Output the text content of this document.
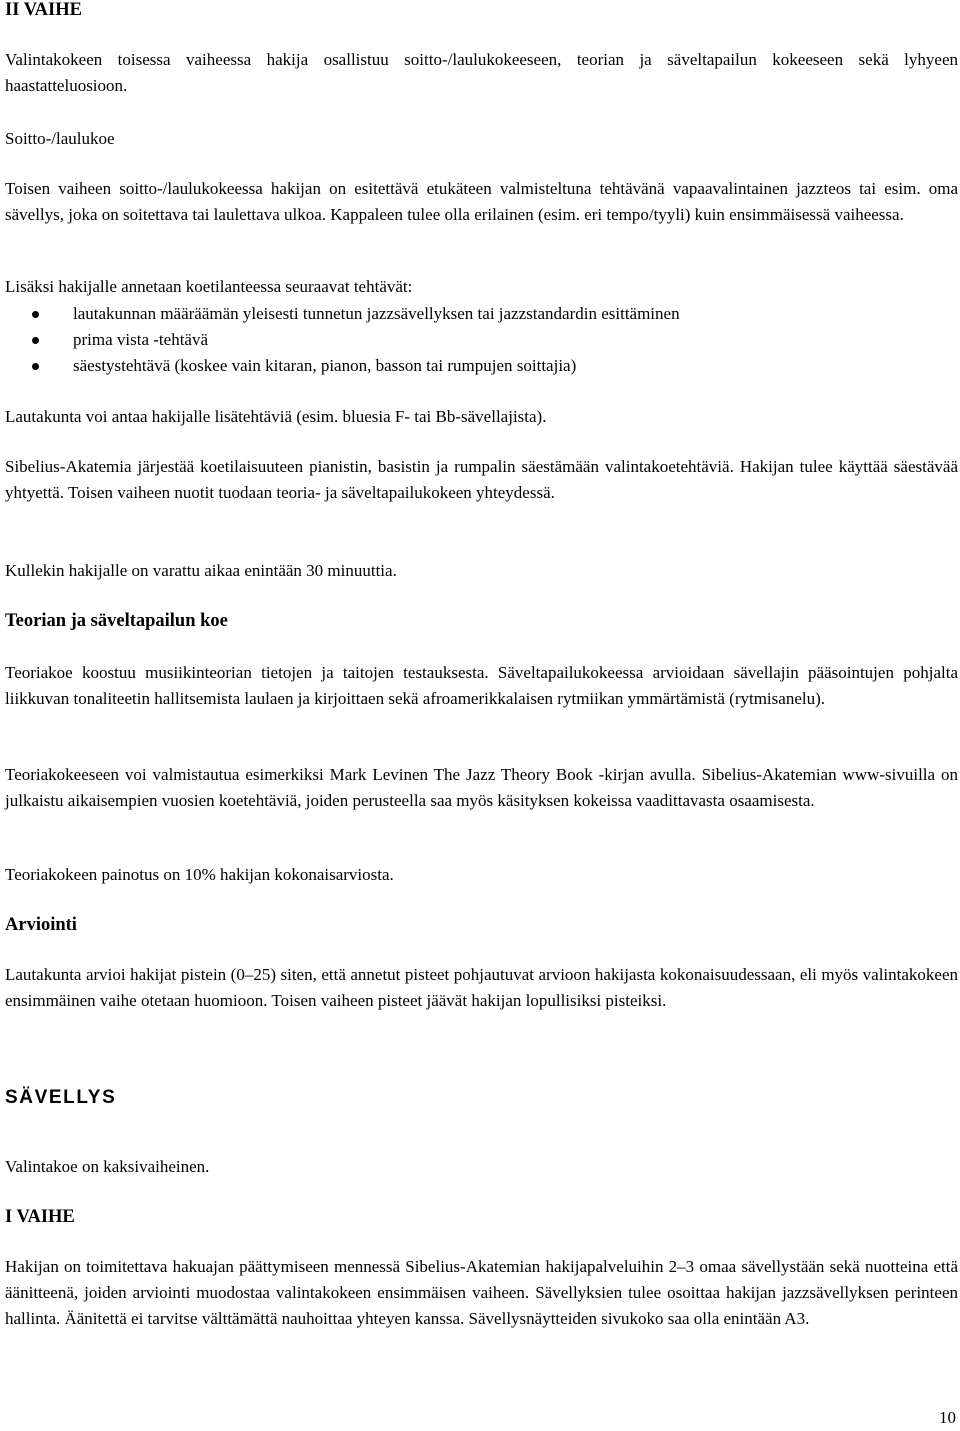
II VAIHE

Valintakokeen toisessa vaiheessa hakija osallistuu soitto-/laulukokeeseen, teorian ja säveltapailun kokeeseen sekä lyhyeen haastatteluosioon.

Soitto-/laulukoe

Toisen vaiheen soitto-/laulukokeessa hakijan on esitettävä etukäteen valmisteltuna tehtävänä vapaavalintainen jazzteos tai esim. oma sävellys, joka on soitettava tai laulettava ulkoa. Kappaleen tulee olla erilainen (esim. eri tempo/tyyli) kuin ensimmäisessä vaiheessa.

Lisäksi hakijalle annetaan koetilanteessa seuraavat tehtävät:

lautakunnan määräämän yleisesti tunnetun jazzsävellyksen tai jazzstandardin esittäminen
prima vista -tehtävä
säestystehtävä (koskee vain kitaran, pianon, basson tai rumpujen soittajia)

Lautakunta voi antaa hakijalle lisätehtäviä (esim. bluesia F- tai Bb-sävellajista).

Sibelius-Akatemia järjestää koetilaisuuteen pianistin, basistin ja rumpalin säestämään valintakoetehtäviä. Hakijan tulee käyttää säestävää yhtyettä. Toisen vaiheen nuotit tuodaan teoria- ja säveltapailukokeen yhteydessä.

Kullekin hakijalle on varattu aikaa enintään 30 minuuttia.

Teorian ja säveltapailun koe

Teoriakoe koostuu musiikinteorian tietojen ja taitojen testauksesta. Säveltapailukokeessa arvioidaan sävellajin pääsointujen pohjalta liikkuvan tonaliteetin hallitsemista laulaen ja kirjoittaen sekä afroamerikkalaisen rytmiikan ymmärtämistä (rytmisanelu).

Teoriakokeeseen voi valmistautua esimerkiksi Mark Levinen The Jazz Theory Book -kirjan avulla. Sibelius-Akatemian www-sivuilla on julkaistu aikaisempien vuosien koetehtäviä, joiden perusteella saa myös käsityksen kokeissa vaadittavasta osaamisesta.

Teoriakokeen painotus on 10% hakijan kokonaisarviosta.

Arviointi

Lautakunta arvioi hakijat pistein (0–25) siten, että annetut pisteet pohjautuvat arvioon hakijasta kokonaisuudessaan, eli myös valintakokeen ensimmäinen vaihe otetaan huomioon. Toisen vaiheen pisteet jäävät hakijan lopullisiksi pisteiksi.

SÄVELLYS

Valintakoe on kaksivaiheinen.

I VAIHE

Hakijan on toimitettava hakuajan päättymiseen mennessä Sibelius-Akatemian hakijapalveluihin 2–3 omaa sävellystään sekä nuotteina että äänitteenä, joiden arviointi muodostaa valintakokeen ensimmäisen vaiheen. Sävellyksien tulee osoittaa hakijan jazzsävellyksen perinteen hallinta. Äänitettä ei tarvitse välttämättä nauhoittaa yhteyen kanssa. Sävellysnäytteiden sivukoko saa olla enintään A3.

10
